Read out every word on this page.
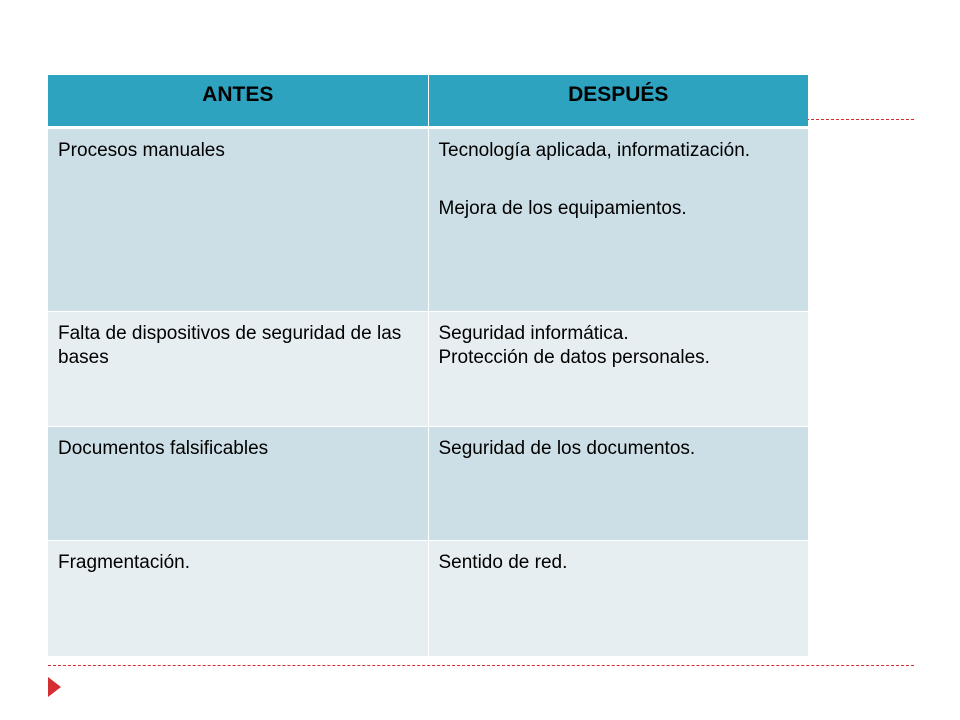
ANTES	DESPUÉS

Procesos manuales	Tecnología aplicada, informatización.
Mejora de los equipamientos.

Falta de dispositivos de seguridad de las bases	Seguridad informática.
Protección de datos personales.

Documentos falsificables	Seguridad de los documentos.

Fragmentación.	Sentido de red.
